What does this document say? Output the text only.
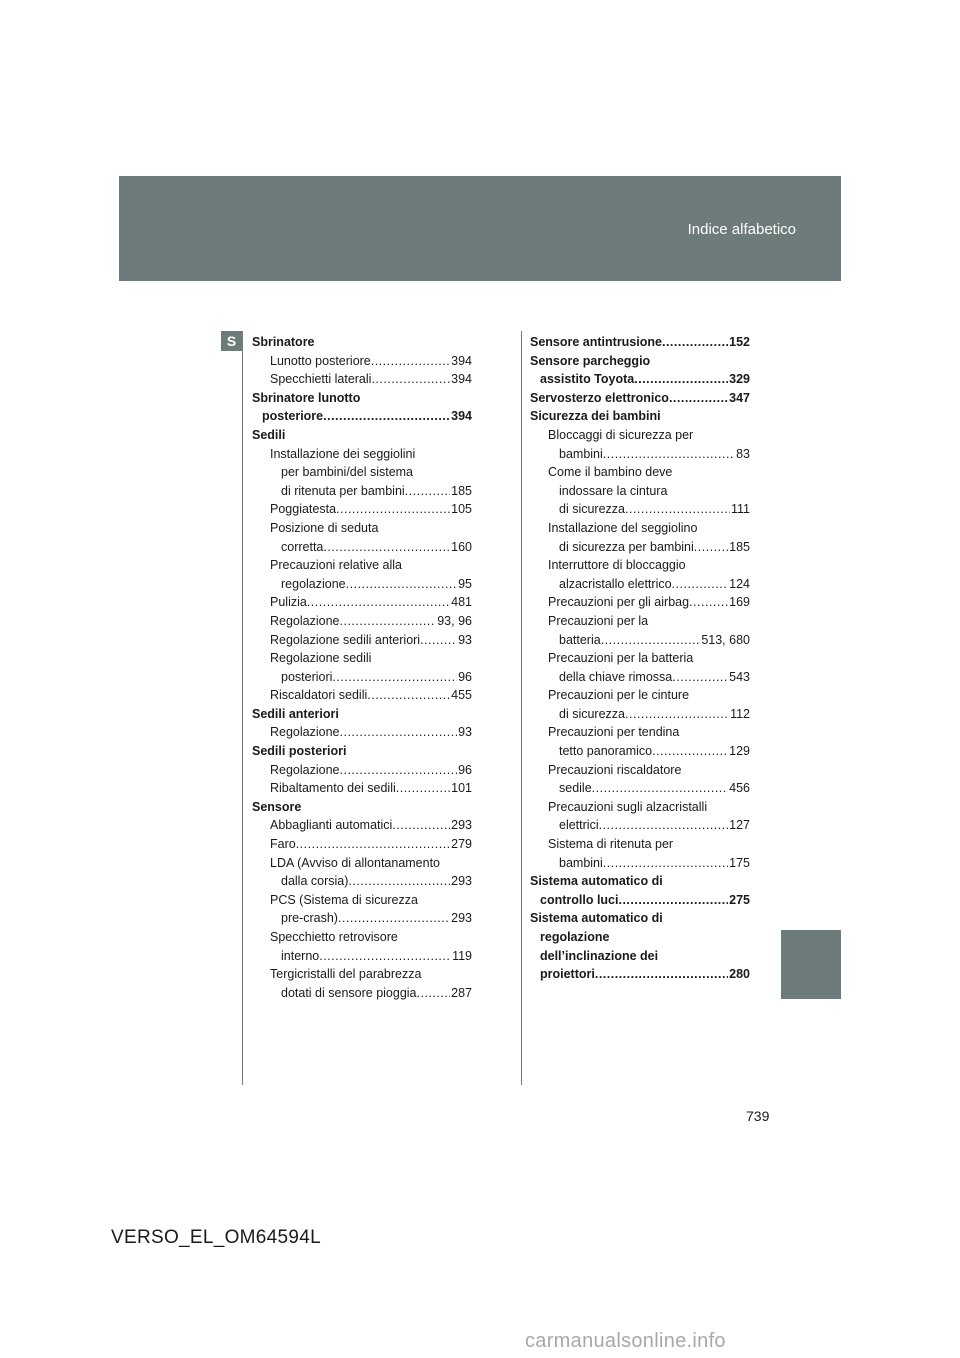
Indice alfabetico
S	Sbrinatore
Lunotto posteriore .....	394
Specchietti laterali .....	394
Sbrinatore lunotto
posteriore .....	394
Sedili
Installazione dei seggiolini
per bambini/del sistema
di ritenuta per bambini .....	185
Poggiatesta .....	105
Posizione di seduta
corretta .....	160
Precauzioni relative alla
regolazione .....	95
Pulizia .....	481
Regolazione .....	93, 96
Regolazione sedili anteriori .....	93
Regolazione sedili
posteriori .....	96
Riscaldatori sedili .....	455
Sedili anteriori
Regolazione .....	93
Sedili posteriori
Regolazione .....	96
Ribaltamento dei sedili .....	101
Sensore
Abbaglianti automatici .....	293
Faro .....	279
LDA (Avviso di allontanamento
dalla corsia) .....	293
PCS (Sistema di sicurezza
pre-crash) .....	293
Specchietto retrovisore
interno .....	119
Tergicristalli del parabrezza
dotati di sensore pioggia .....	287
Sensore antintrusione .....	152
Sensore parcheggio
assistito Toyota .....	329
Servosterzo elettronico .....	347
Sicurezza dei bambini
Bloccaggi di sicurezza per
bambini .....	83
Come il bambino deve
indossare la cintura
di sicurezza .....	111
Installazione del seggiolino
di sicurezza per bambini .....	185
Interruttore di bloccaggio
alzacristallo elettrico .....	124
Precauzioni per gli airbag .....	169
Precauzioni per la
batteria .....	513, 680
Precauzioni per la batteria
della chiave rimossa .....	543
Precauzioni per le cinture
di sicurezza .....	112
Precauzioni per tendina
tetto panoramico .....	129
Precauzioni riscaldatore
sedile .....	456
Precauzioni sugli alzacristalli
elettrici .....	127
Sistema di ritenuta per
bambini .....	175
Sistema automatico di
controllo luci .....	275
Sistema automatico di
regolazione
dell’inclinazione dei
proiettori .....	280
739
VERSO_EL_OM64594L
carmanualsonline.info
